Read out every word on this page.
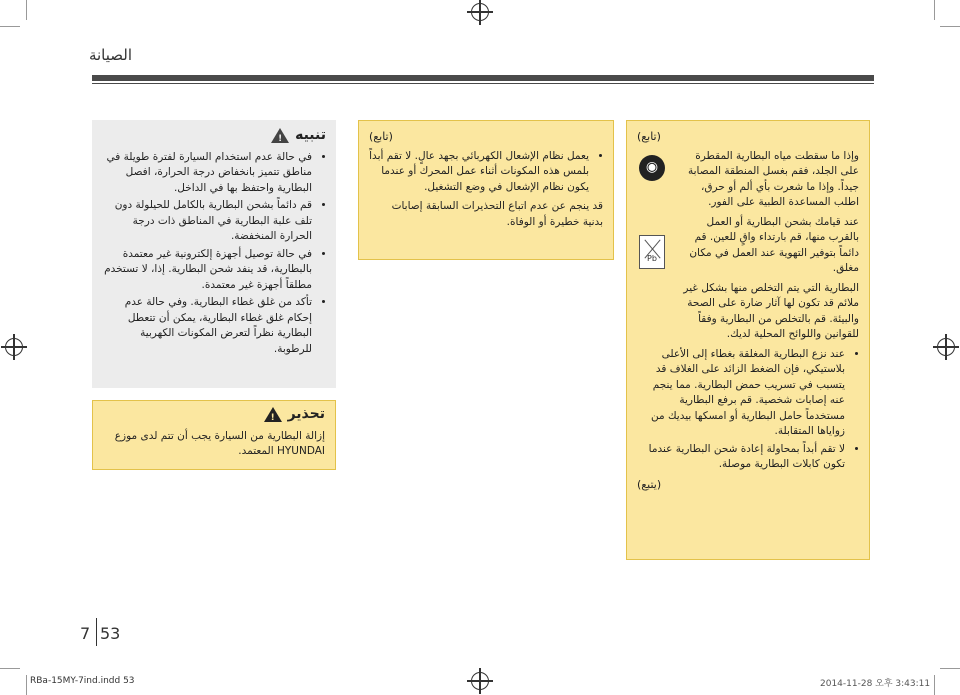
الصيانة
(تابع)
وإذا ما سقطت مياه البطارية المقطرة على الجلد، فقم بغسل المنطقة المصابة جيداً. وإذا ما شعرت بأي ألم أو حرق، اطلب المساعدة الطبية على الفور.
عند قيامك بشحن البطارية أو العمل بالقرب منها، قم بارتداء واقٍ للعين. قم دائماً بتوفير التهوية عند العمل في مكان مغلق.
البطارية التي يتم التخلص منها بشكل غير ملائم قد تكون لها آثار ضارة على الصحة والبيئة. قم بالتخلص من البطارية وفقاً للقوانين واللوائح المحلية لديك.
◉
Pb
• عند نزع البطارية المغلقة بغطاء إلى الأعلى بلاستيكي، فإن الضغط الزائد على الغلاف قد يتسبب في تسريب حمض البطارية. مما ينجم عنه إصابات شخصية. قم برفع البطارية مستخدماً حامل البطارية أو امسكها بيديك من زواياها المتقابلة.
• لا تقم أبداً بمحاولة إعادة شحن البطارية عندما تكون كابلات البطارية موصلة.
(يتبع)
(تابع)
• يعمل نظام الإشعال الكهربائي بجهد عالٍ. لا تقم أبداً بلمس هذه المكونات أثناء عمل المحرك أو عندما يكون نظام الإشعال في وضع التشغيل.
قد ينجم عن عدم اتباع التحذيرات السابقة إصابات بدنية خطيرة أو الوفاة.
تنبيه
!
• في حالة عدم استخدام السيارة لفترة طويلة في مناطق تتميز بانخفاض درجة الحرارة، افصل البطارية واحتفظ بها في الداخل.
• قم دائماً بشحن البطارية بالكامل للحيلولة دون تلف علبة البطارية في المناطق ذات درجة الحرارة المنخفضة.
• في حالة توصيل أجهزة إلكترونية غير معتمدة بالبطارية، قد ينفد شحن البطارية. إذا، لا تستخدم مطلقاً أجهزة غير معتمدة.
• تأكد من غلق غطاء البطارية. وفي حالة عدم إحكام غلق غطاء البطارية، يمكن أن تتعطل البطارية نظراً لتعرض المكونات الكهربية للرطوبة.
تحذير
!
إزالة البطارية من السيارة يجب أن تتم لدى موزع HYUNDAI المعتمد.
7 53
RBa-15MY-7ind.indd 53	2014-11-28 오후 3:43:11
